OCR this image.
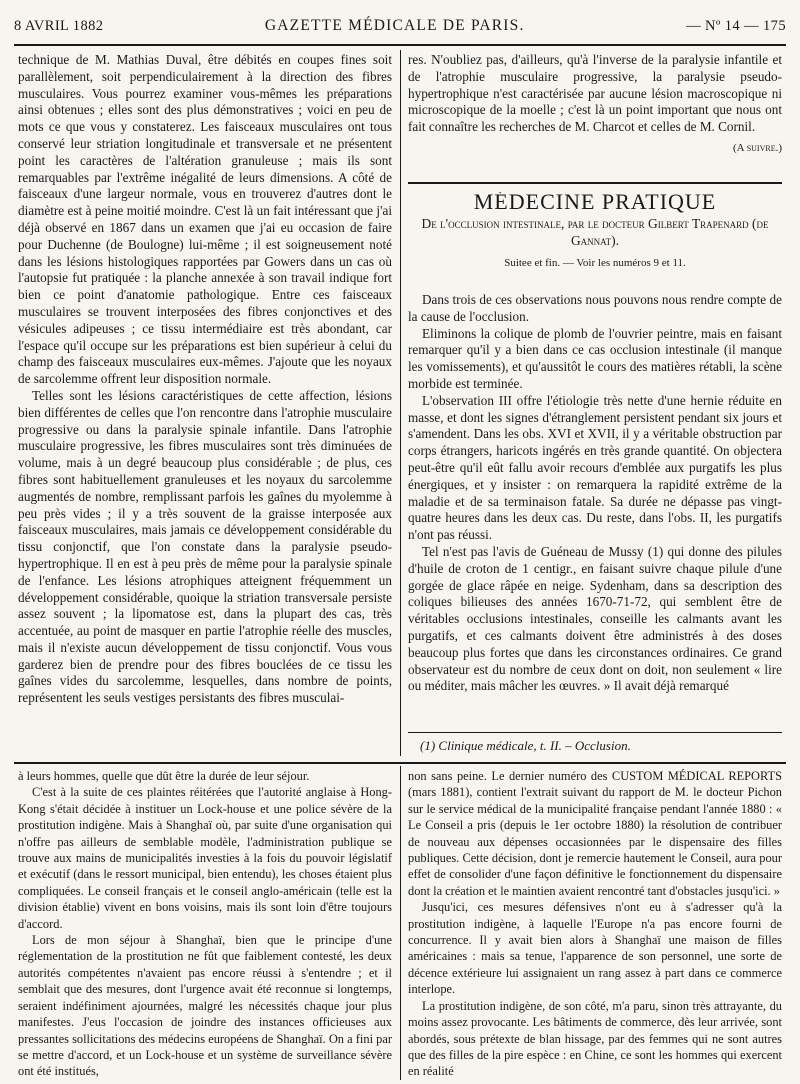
8 AVRIL 1882	GAZETTE MÉDICALE DE PARIS.	— Nº 14 — 175

technique de M. Mathias Duval, être débités en coupes fines soit parallèlement, soit perpendiculairement à la direction des fibres musculaires. Vous pourrez examiner vous-mêmes les préparations ainsi obtenues ; elles sont des plus démonstratives ; voici en peu de mots ce que vous y constaterez. Les faisceaux musculaires ont tous conservé leur striation longitudinale et transversale et ne présentent point les caractères de l'altération granuleuse ; mais ils sont remarquables par l'extrême inégalité de leurs dimensions. A côté de faisceaux d'une largeur normale, vous en trouverez d'autres dont le diamètre est à peine moitié moindre. C'est là un fait intéressant que j'ai déjà observé en 1867 dans un examen que j'ai eu occasion de faire pour Duchenne (de Boulogne) lui-même ; il est soigneusement noté dans les lésions histologiques rapportées par Gowers dans un cas où l'autopsie fut pratiquée : la planche annexée à son travail indique fort bien ce point d'anatomie pathologique. Entre ces faisceaux musculaires se trouvent interposées des fibres conjonctives et des vésicules adipeuses ; ce tissu intermédiaire est très abondant, car l'espace qu'il occupe sur les préparations est bien supérieur à celui du champ des faisceaux musculaires eux-mêmes. J'ajoute que les noyaux de sarcolemme offrent leur disposition normale.

Telles sont les lésions caractéristiques de cette affection, lésions bien différentes de celles que l'on rencontre dans l'atrophie musculaire progressive ou dans la paralysie spinale infantile. Dans l'atrophie musculaire progressive, les fibres musculaires sont très diminuées de volume, mais à un degré beaucoup plus considérable ; de plus, ces fibres sont habituellement granuleuses et les noyaux du sarcolemme augmentés de nombre, remplissant parfois les gaînes du myolemme à peu près vides ; il y a très souvent de la graisse interposée aux faisceaux musculaires, mais jamais ce développement considérable du tissu conjonctif, que l'on constate dans la paralysie pseudo-hypertrophique. Il en est à peu près de même pour la paralysie spinale de l'enfance. Les lésions atrophiques atteignent fréquemment un développement considérable, quoique la striation transversale persiste assez souvent ; la lipomatose est, dans la plupart des cas, très accentuée, au point de masquer en partie l'atrophie réelle des muscles, mais il n'existe aucun développement de tissu conjonctif. Vous vous garderez bien de prendre pour des fibres bouclées de ce tissu les gaînes vides du sarcolemme, lesquelles, dans nombre de points, représentent les seuls vestiges persistants des fibres musculai-

res. N'oubliez pas, d'ailleurs, qu'à l'inverse de la paralysie infantile et de l'atrophie musculaire progressive, la paralysie pseudo-hypertrophique n'est caractérisée par aucune lésion macroscopique ni microscopique de la moelle ; c'est là un point important que nous ont fait connaître les recherches de M. Charcot et celles de M. Cornil.

(A suivre.)
MÉDECINE PRATIQUE
De l'occlusion intestinale, par le docteur Gilbert Trapenard (de Gannat).
Suitee et fin. — Voir les numéros 9 et 11.

Dans trois de ces observations nous pouvons nous rendre compte de la cause de l'occlusion.

Eliminons la colique de plomb de l'ouvrier peintre, mais en faisant remarquer qu'il y a bien dans ce cas occlusion intestinale (il manque les vomissements), et qu'aussitôt le cours des matières rétabli, la scène morbide est terminée.

L'observation III offre l'étiologie très nette d'une hernie réduite en masse, et dont les signes d'étranglement persistent pendant six jours et s'amendent. Dans les obs. XVI et XVII, il y a véritable obstruction par corps étrangers, haricots ingérés en très grande quantité. On objectera peut-être qu'il eût fallu avoir recours d'emblée aux purgatifs les plus énergiques, et y insister : on remarquera la rapidité extrême de la maladie et de sa terminaison fatale. Sa durée ne dépasse pas vingt-quatre heures dans les deux cas. Du reste, dans l'obs. II, les purgatifs n'ont pas réussi.

Tel n'est pas l'avis de Guéneau de Mussy (1) qui donne des pilules d'huile de croton de 1 centigr., en faisant suivre chaque pilule d'une gorgée de glace râpée en neige. Sydenham, dans sa description des coliques bilieuses des années 1670-71-72, qui semblent être de véritables occlusions intestinales, conseille les calmants avant les purgatifs, et ces calmants doivent être administrés à des doses beaucoup plus fortes que dans les circonstances ordinaires. Ce grand observateur est du nombre de ceux dont on doit, non seulement « lire ou méditer, mais mâcher les œuvres. » Il avait déjà remarqué

(1) Clinique médicale, t. II. – Occlusion.

à leurs hommes, quelle que dût être la durée de leur séjour.

C'est à la suite de ces plaintes réitérées que l'autorité anglaise à Hong-Kong s'était décidée à instituer un Lock-house et une police sévère de la prostitution indigène. Mais à Shanghaï où, par suite d'une organisation qui n'offre pas ailleurs de semblable modèle, l'administration publique se trouve aux mains de municipalités investies à la fois du pouvoir législatif et exécutif (dans le ressort municipal, bien entendu), les choses étaient plus compliquées. Le conseil français et le conseil anglo-américain (telle est la division établie) vivent en bons voisins, mais ils sont loin d'être toujours d'accord.

Lors de mon séjour à Shanghaï, bien que le principe d'une réglementation de la prostitution ne fût que faiblement contesté, les deux autorités compétentes n'avaient pas encore réussi à s'entendre ; et il semblait que des mesures, dont l'urgence avait été reconnue si longtemps, seraient indéfiniment ajournées, malgré les nécessités chaque jour plus manifestes. J'eus l'occasion de joindre des instances officieuses aux pressantes sollicitations des médecins européens de Shanghaï. On a fini par se mettre d'accord, et un Lock-house et un système de surveillance sévère ont été institués,

non sans peine. Le dernier numéro des CUSTOM MÉDICAL REPORTS (mars 1881), contient l'extrait suivant du rapport de M. le docteur Pichon sur le service médical de la municipalité française pendant l'année 1880 : « Le Conseil a pris (depuis le 1er octobre 1880) la résolution de contribuer de nouveau aux dépenses occasionnées par le dispensaire des filles publiques. Cette décision, dont je remercie hautement le Conseil, aura pour effet de consolider d'une façon définitive le fonctionnement du dispensaire dont la création et le maintien avaient rencontré tant d'obstacles jusqu'ici. »

Jusqu'ici, ces mesures défensives n'ont eu à s'adresser qu'à la prostitution indigène, à laquelle l'Europe n'a pas encore fourni de concurrence. Il y avait bien alors à Shanghaï une maison de filles américaines : mais sa tenue, l'apparence de son personnel, une sorte de décence extérieure lui assignaient un rang assez à part dans ce commerce interlope.

La prostitution indigène, de son côté, m'a paru, sinon très attrayante, du moins assez provocante. Les bâtiments de commerce, dès leur arrivée, sont abordés, sous prétexte de blan hissage, par des femmes qui ne sont autres que des filles de la pire espèce : en Chine, ce sont les hommes qui exercent en réalité
